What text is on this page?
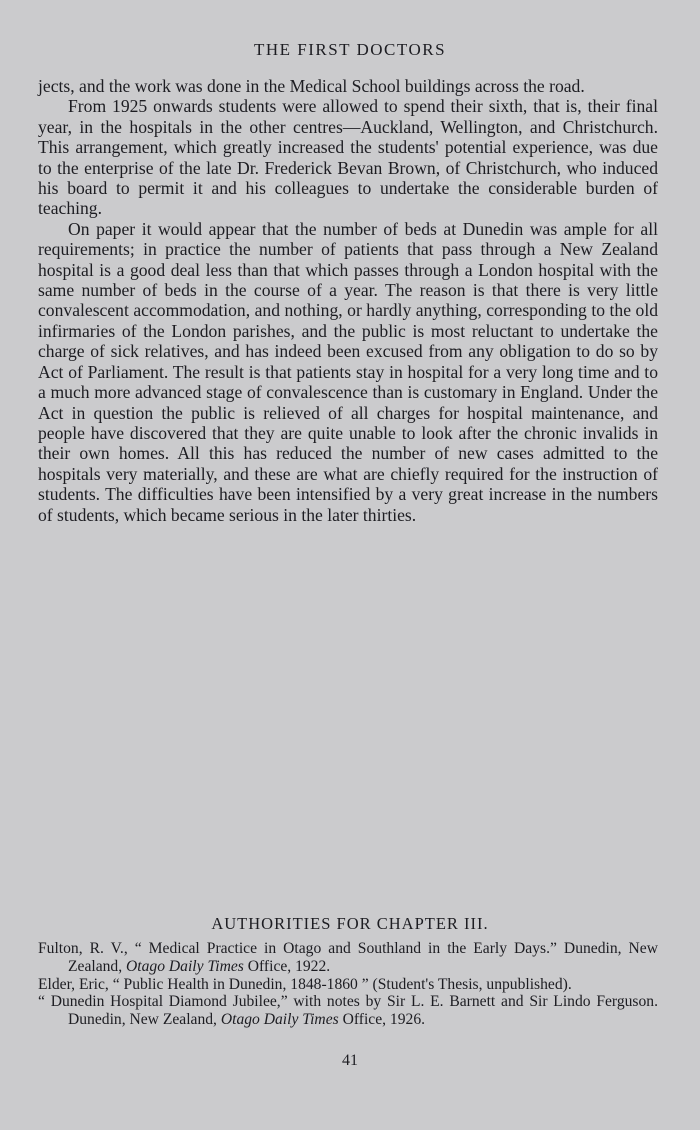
THE FIRST DOCTORS

jects, and the work was done in the Medical School buildings across the road.

From 1925 onwards students were allowed to spend their sixth, that is, their final year, in the hospitals in the other centres—Auckland, Wellington, and Christchurch. This arrangement, which greatly increased the students' potential experience, was due to the enterprise of the late Dr. Frederick Bevan Brown, of Christchurch, who induced his board to permit it and his colleagues to undertake the considerable burden of teaching.

On paper it would appear that the number of beds at Dunedin was ample for all requirements; in practice the number of patients that pass through a New Zealand hospital is a good deal less than that which passes through a London hospital with the same number of beds in the course of a year. The reason is that there is very little convalescent accommodation, and nothing, or hardly anything, corresponding to the old infirmaries of the London parishes, and the public is most reluctant to undertake the charge of sick relatives, and has indeed been excused from any obligation to do so by Act of Parliament. The result is that patients stay in hospital for a very long time and to a much more advanced stage of convalescence than is customary in England. Under the Act in question the public is relieved of all charges for hospital maintenance, and people have discovered that they are quite unable to look after the chronic invalids in their own homes. All this has reduced the number of new cases admitted to the hospitals very materially, and these are what are chiefly required for the instruction of students. The difficulties have been intensified by a very great increase in the numbers of students, which became serious in the later thirties.

AUTHORITIES FOR CHAPTER III.

Fulton, R. V., “ Medical Practice in Otago and Southland in the Early Days.” Dunedin, New Zealand, Otago Daily Times Office, 1922.

Elder, Eric, “ Public Health in Dunedin, 1848-1860 ” (Student's Thesis, unpublished).

“ Dunedin Hospital Diamond Jubilee,” with notes by Sir L. E. Barnett and Sir Lindo Ferguson. Dunedin, New Zealand, Otago Daily Times Office, 1926.

41
